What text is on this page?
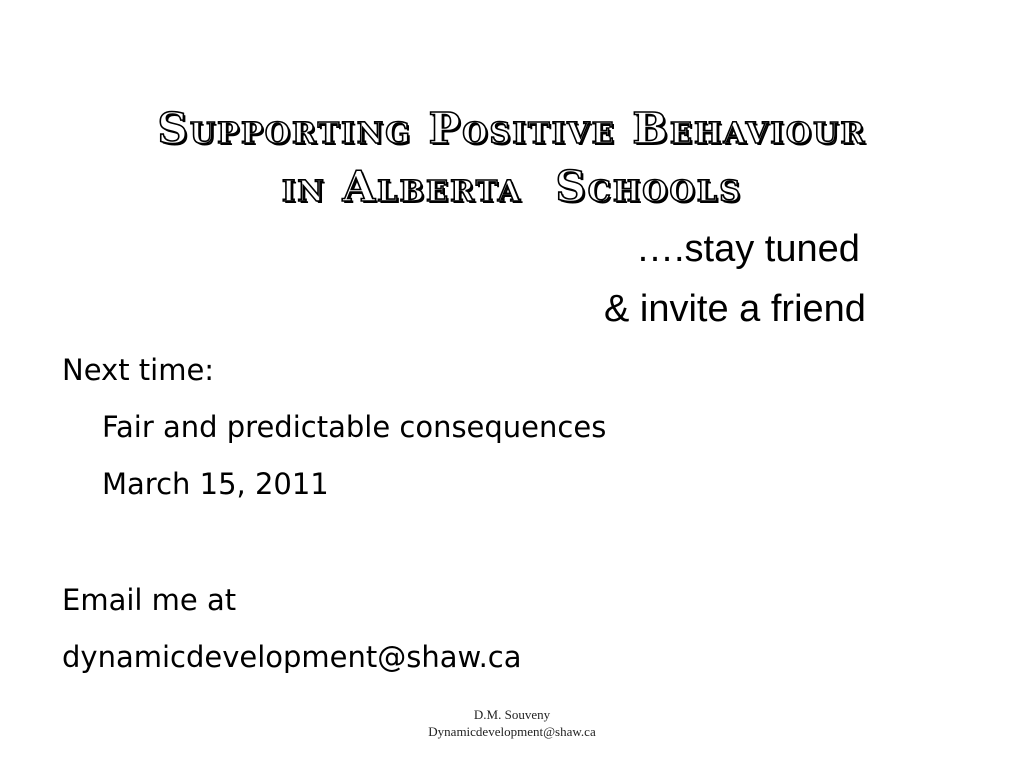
Supporting Positive Behaviour
in Alberta  Schools
….stay tuned
& invite a friend
Next time:
Fair and predictable consequences
March 15, 2011
Email me at
dynamicdevelopment@shaw.ca
D.M. Souveny
Dynamicdevelopment@shaw.ca
